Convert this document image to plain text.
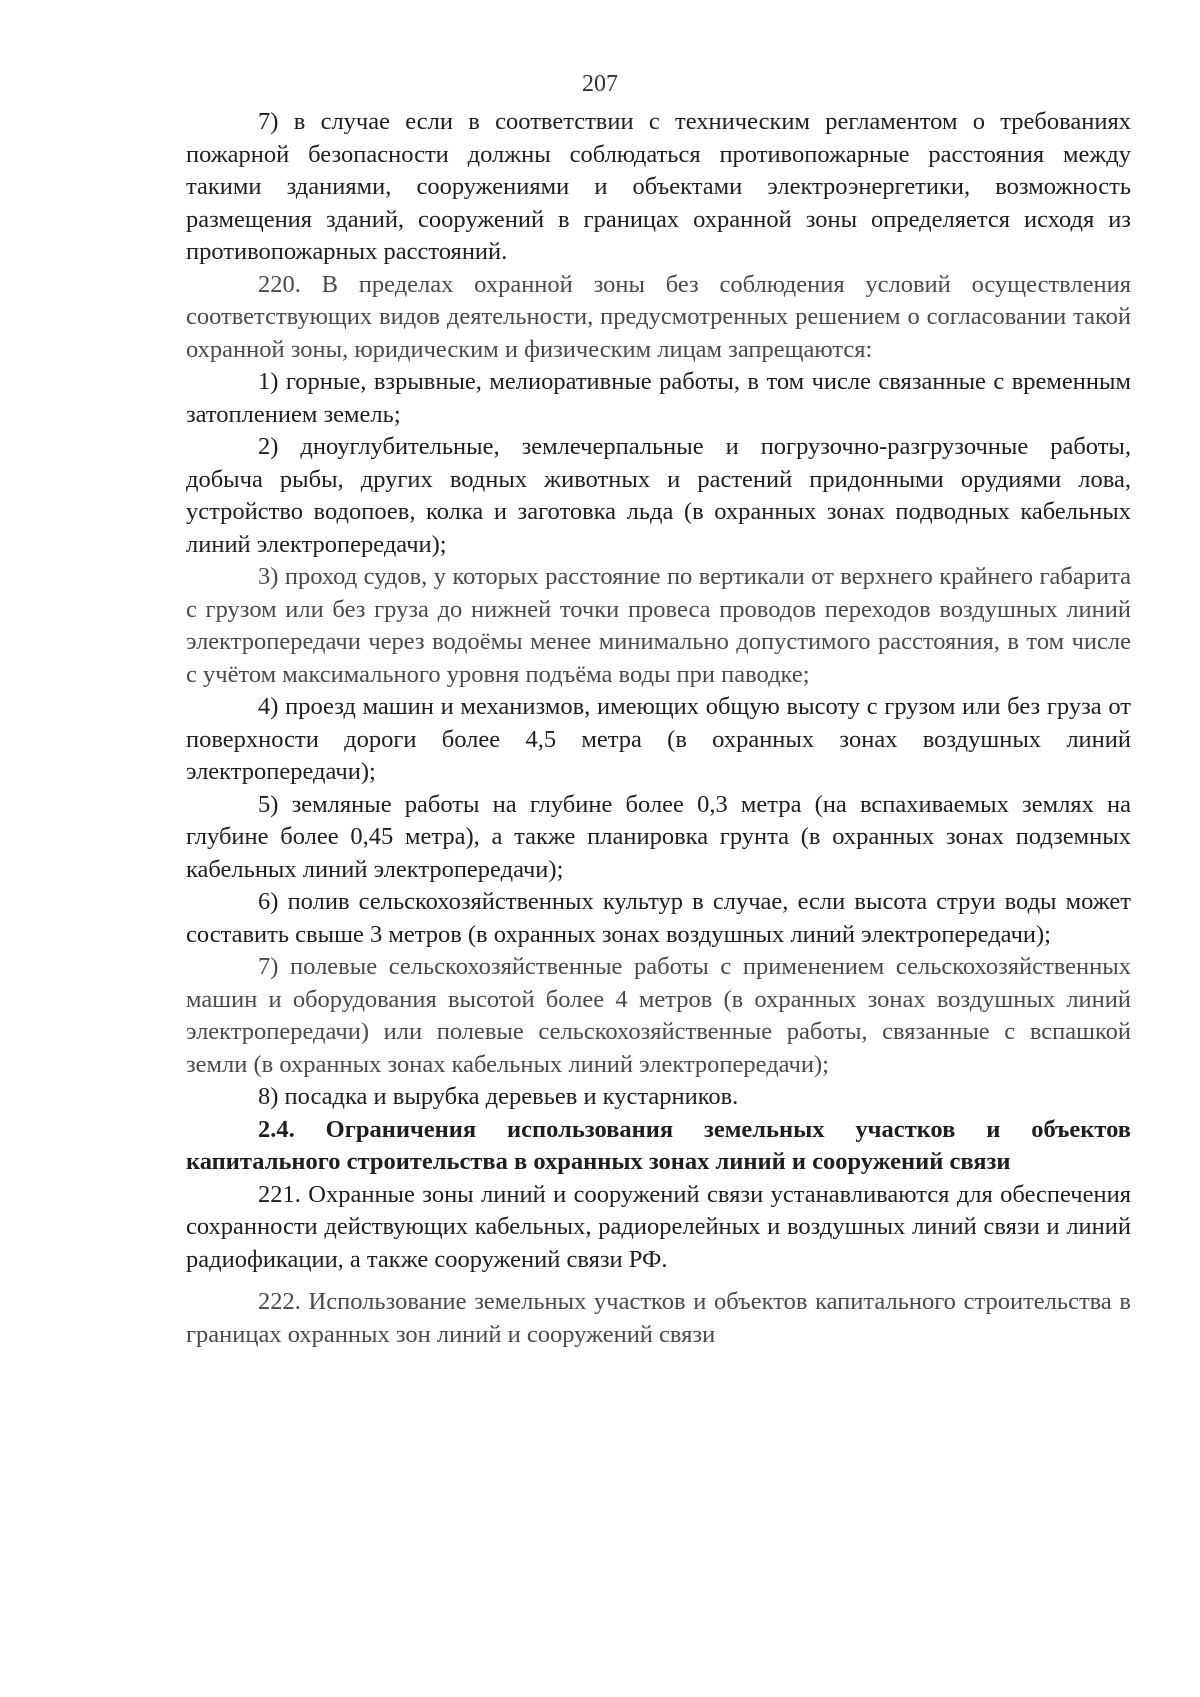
207

7) в случае если в соответствии с техническим регламентом о требованиях пожарной безопасности должны соблюдаться противопожарные расстояния между такими зданиями, сооружениями и объектами электроэнергетики, возможность размещения зданий, сооружений в границах охранной зоны определяется исходя из противопожарных расстояний.

220. В пределах охранной зоны без соблюдения условий осуществления соответствующих видов деятельности, предусмотренных решением о согласовании такой охранной зоны, юридическим и физическим лицам запрещаются:

1) горные, взрывные, мелиоративные работы, в том числе связанные с временным затоплением земель;

2) дноуглубительные, землечерпальные и погрузочно-разгрузочные работы, добыча рыбы, других водных животных и растений придонными орудиями лова, устройство водопоев, колка и заготовка льда (в охранных зонах подводных кабельных линий электропередачи);

3) проход судов, у которых расстояние по вертикали от верхнего крайнего габарита с грузом или без груза до нижней точки провеса проводов переходов воздушных линий электропередачи через водоёмы менее минимально допустимого расстояния, в том числе с учётом максимального уровня подъёма воды при паводке;

4) проезд машин и механизмов, имеющих общую высоту с грузом или без груза от поверхности дороги более 4,5 метра (в охранных зонах воздушных линий электропередачи);

5) земляные работы на глубине более 0,3 метра (на вспахиваемых землях на глубине более 0,45 метра), а также планировка грунта (в охранных зонах подземных кабельных линий электропередачи);

6) полив сельскохозяйственных культур в случае, если высота струи воды может составить свыше 3 метров (в охранных зонах воздушных линий электропередачи);

7) полевые сельскохозяйственные работы с применением сельскохозяйственных машин и оборудования высотой более 4 метров (в охранных зонах воздушных линий электропередачи) или полевые сельскохозяйственные работы, связанные с вспашкой земли (в охранных зонах кабельных линий электропередачи);

8) посадка и вырубка деревьев и кустарников.

2.4. Ограничения использования земельных участков и объектов капитального строительства в охранных зонах линий и сооружений связи

221. Охранные зоны линий и сооружений связи устанавливаются для обеспечения сохранности действующих кабельных, радиорелейных и воздушных линий связи и линий радиофикации, а также сооружений связи РФ.

222. Использование земельных участков и объектов капитального строительства в границах охранных зон линий и сооружений связи
